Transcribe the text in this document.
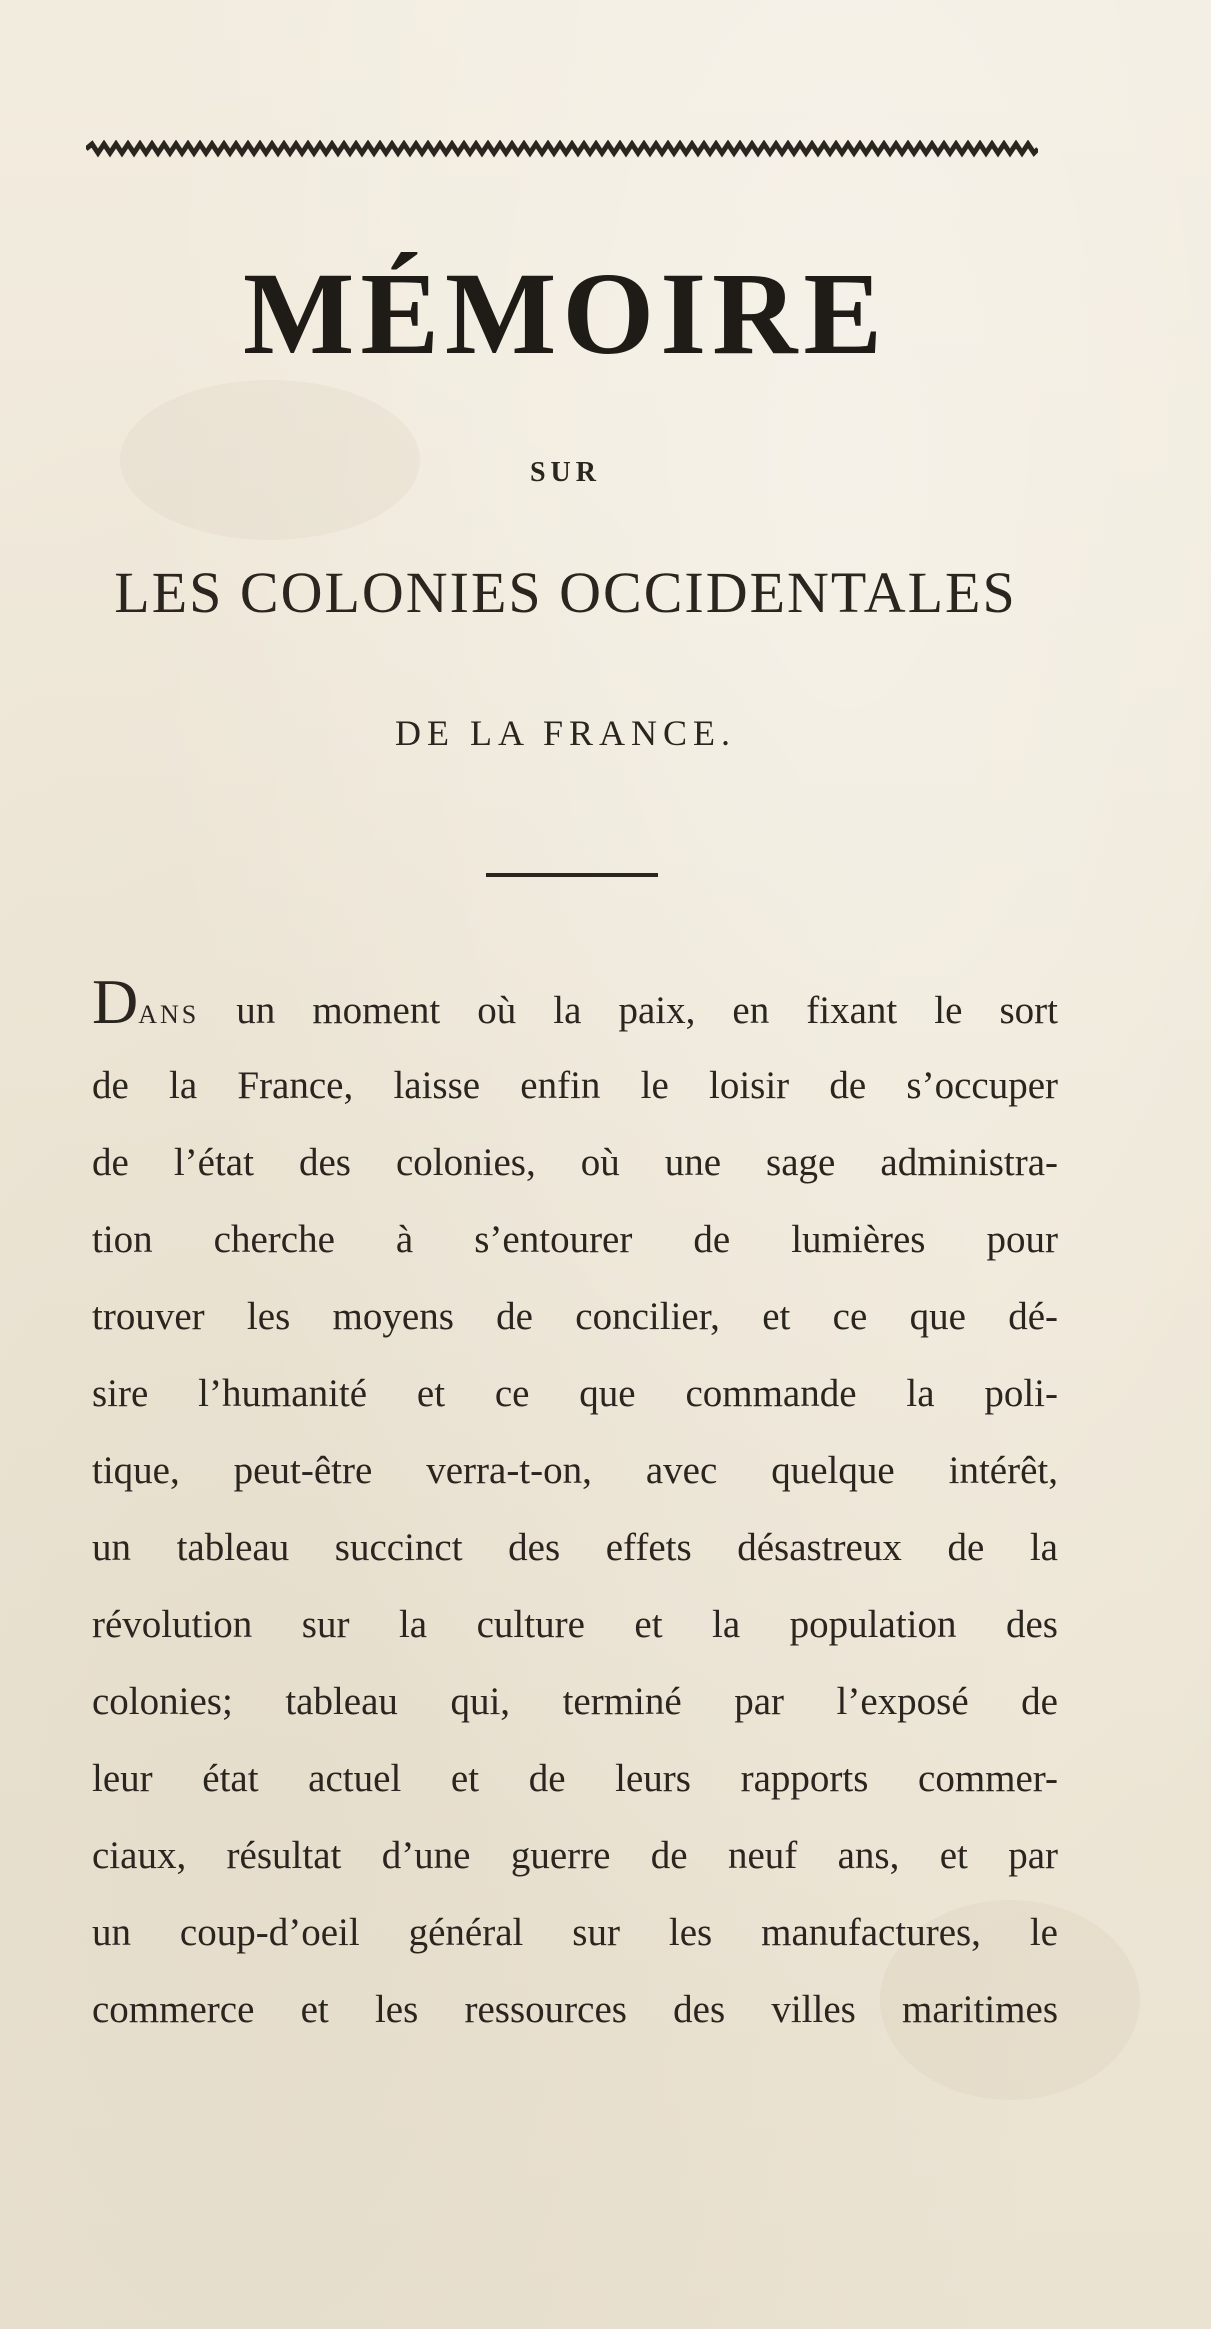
MÉMOIRE
SUR
LES COLONIES OCCIDENTALES
DE LA FRANCE.
DANS un moment où la paix, en fixant le sort
de la France, laisse enfin le loisir de s’occuper
de l’état des colonies, où une sage administra-
tion cherche à s’entourer de lumières pour
trouver les moyens de concilier, et ce que dé-
sire l’humanité et ce que commande la poli-
tique, peut-être verra-t-on, avec quelque intérêt,
un tableau succinct des effets désastreux de la
révolution sur la culture et la population des
colonies; tableau qui, terminé par l’exposé de
leur état actuel et de leurs rapports commer-
ciaux, résultat d’une guerre de neuf ans, et par
un coup-d’oeil général sur les manufactures, le
commerce et les ressources des villes maritimes
